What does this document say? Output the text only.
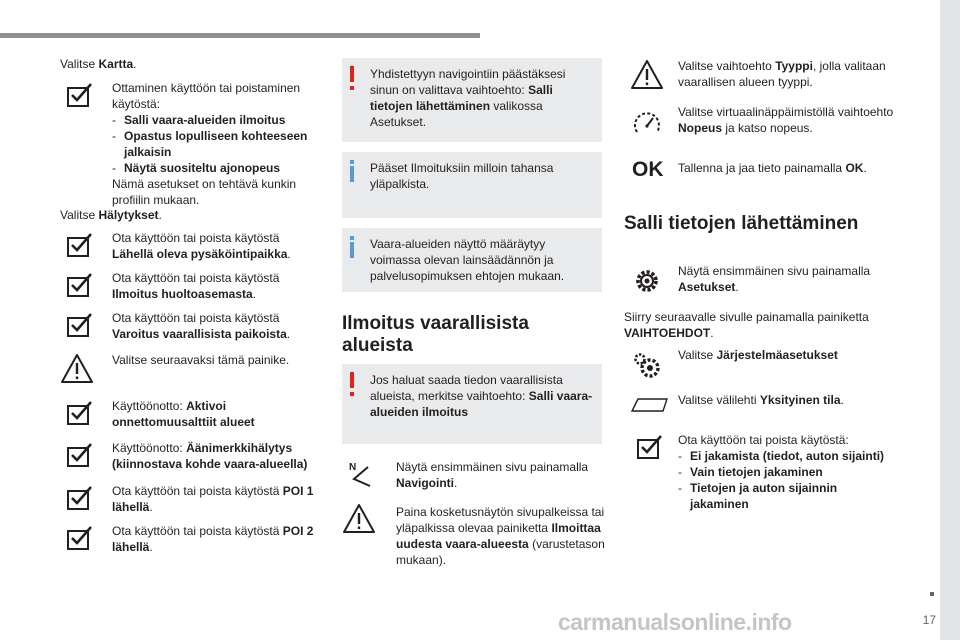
17
carmanualsonline.info
Valitse Kartta.
Ottaminen käyttöön tai poistaminen käytöstä:
- Salli vaara-alueiden ilmoitus
- Opastus lopulliseen kohteeseen jalkaisin
- Näytä suositeltu ajonopeus
Nämä asetukset on tehtävä kunkin profiilin mukaan.
Valitse Hälytykset.
Ota käyttöön tai poista käytöstä Lähellä oleva pysäköintipaikka.
Ota käyttöön tai poista käytöstä Ilmoitus huoltoasemasta.
Ota käyttöön tai poista käytöstä Varoitus vaarallisista paikoista.
Valitse seuraavaksi tämä painike.
Käyttöönotto: Aktivoi onnettomuusalttiit alueet
Käyttöönotto: Äänimerkkihälytys (kiinnostava kohde vaara-alueella)
Ota käyttöön tai poista käytöstä POI 1 lähellä.
Ota käyttöön tai poista käytöstä POI 2 lähellä.
Yhdistettyyn navigointiin päästäksesi sinun on valittava vaihtoehto: Salli tietojen lähettäminen valikossa Asetukset.
Pääset Ilmoituksiin milloin tahansa yläpalkista.
Vaara-alueiden näyttö määräytyy voimassa olevan lainsäädännön ja palvelusopimuksen ehtojen mukaan.
Ilmoitus vaarallisista alueista
Jos haluat saada tiedon vaarallisista alueista, merkitse vaihtoehto: Salli vaara-alueiden ilmoitus
N	Näytä ensimmäinen sivu painamalla Navigointi.
Paina kosketusnäytön sivupalkeissa tai yläpalkissa olevaa painiketta Ilmoittaa uudesta vaara-alueesta (varustetason mukaan).
Valitse vaihtoehto Tyyppi, jolla valitaan vaarallisen alueen tyyppi.
Valitse virtuaalinäppäimistöllä vaihtoehto Nopeus ja katso nopeus.
OK Tallenna ja jaa tieto painamalla OK.
Salli tietojen lähettäminen
Näytä ensimmäinen sivu painamalla Asetukset.
Siirry seuraavalle sivulle painamalla painiketta VAIHTOEHDOT.
Valitse Järjestelmäasetukset
Valitse välilehti Yksityinen tila.
Ota käyttöön tai poista käytöstä:
- Ei jakamista (tiedot, auton sijainti)
- Vain tietojen jakaminen
- Tietojen ja auton sijainnin jakaminen
